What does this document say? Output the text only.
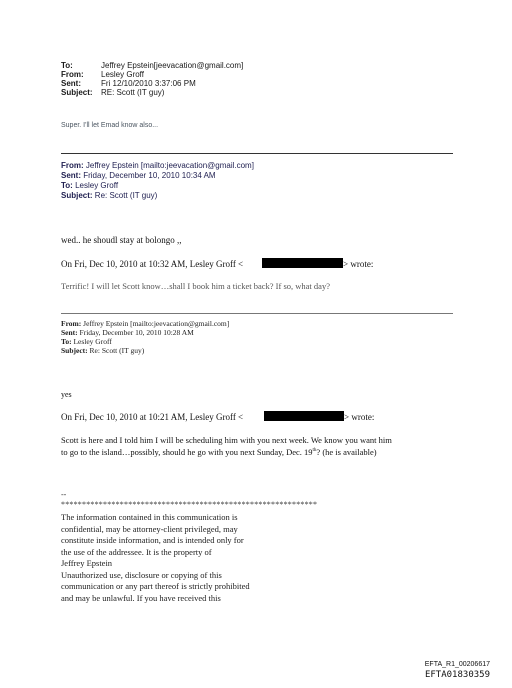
To:	Jeffrey Epstein[jeevacation@gmail.com]
From: Lesley Groff
Sent:	Fri 12/10/2010 3:37:06 PM
Subject: RE: Scott (IT guy)
Super. I'll let Emad know also...
From: Jeffrey Epstein [mailto:jeevacation@gmail.com]
Sent: Friday, December 10, 2010 10:34 AM
To: Lesley Groff
Subject: Re: Scott (IT guy)
wed.. he shoudl stay at bolongo ,,
On Fri, Dec 10, 2010 at 10:32 AM, Lesley Groff <	> wrote:
Terrific! I will let Scott know…shall I book him a ticket back? If so, what day?
From: Jeffrey Epstein [mailto:jeevacation@gmail.com]
Sent: Friday, December 10, 2010 10:28 AM
To: Lesley Groff
Subject: Re: Scott (IT guy)
yes
On Fri, Dec 10, 2010 at 10:21 AM, Lesley Groff <	> wrote:
Scott is here and I told him I will be scheduling him with you next week. We know you want him
to go to the island…possibly, should he go with you next Sunday, Dec. 19th? (he is available)
--
*************************************************************
The information contained in this communication is
confidential, may be attorney-client privileged, may
constitute inside information, and is intended only for
the use of the addressee. It is the property of
Jeffrey Epstein
Unauthorized use, disclosure or copying of this
communication or any part thereof is strictly prohibited
and may be unlawful. If you have received this
EFTA_R1_00206617
EFTA01830359
